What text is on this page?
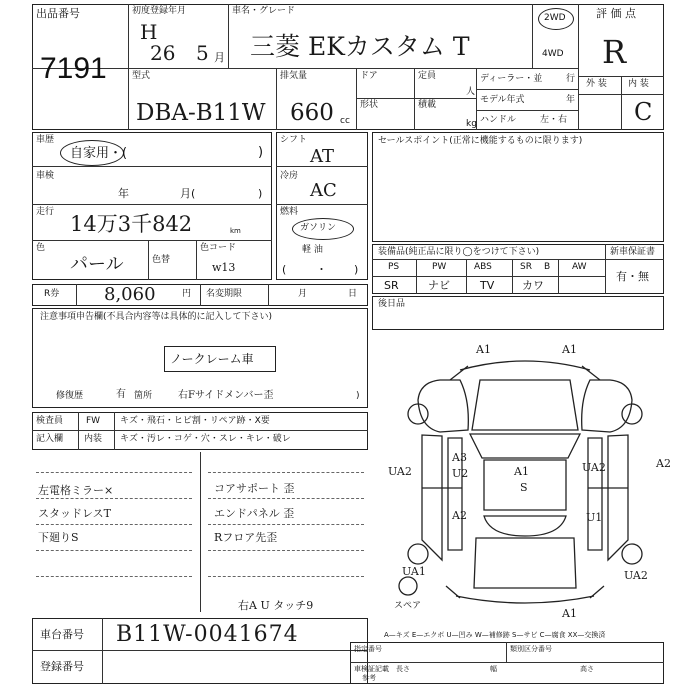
出品番号
7191
初度登録年月
H
26 5 月
車名・グレード
三菱 EKカスタム T
2WD
4WD
評 価 点
R
外 装 内 装
C
型式
DBA-B11W
排気量
660 cc
ドア	定員
人
形状	積載
kg
ディーラー・並	行
モデル年式	年
ハンドル	左・右
車歴
自家用・(	)
車検
年	月(	)
走行 14万3千842	km
色
パール	色替
色コード
w13
シフト
AT
冷房
AC
燃料
ガソリン
軽 油
(	・ )
セールスポイント(正常に機能するものに限ります)
装備品(純正品に限り◯をつけて下さい)
PS	PW	ABS	SR B AW
SR	ナビ	TV	カワ
新車保証書
有・無
R券 8,060	円 名変期限	月	日
後日品
注意事項申告欄(不具合内容等は具体的に記入して下さい)
ノークレーム車
修復歴	有 箇所	右Fサイドメンバー歪	)
検査員
記入欄
FW キズ・飛石・ヒビ割・リペア跡・X要
内装 キズ・汚レ・コゲ・穴・スレ・キレ・破レ
左電格ミラー×
スタッドレスT
下廻りS
コアサポート 歪
エンドパネル 歪
Rフロア先歪
右A U タッチ9
A1	A1
A3
U2	A1
S
UA2	UA2	A2
A2	U1
UA1	UA2
A1
スペア
車台番号 B11W-0041674
登録番号
A—キズ E—エクボ U—凹み W—補修跡 S—サビ C—腐食 XX—交換済
指定番号	類別区分番号
車検証記載
参考
長さ	幅	高さ
